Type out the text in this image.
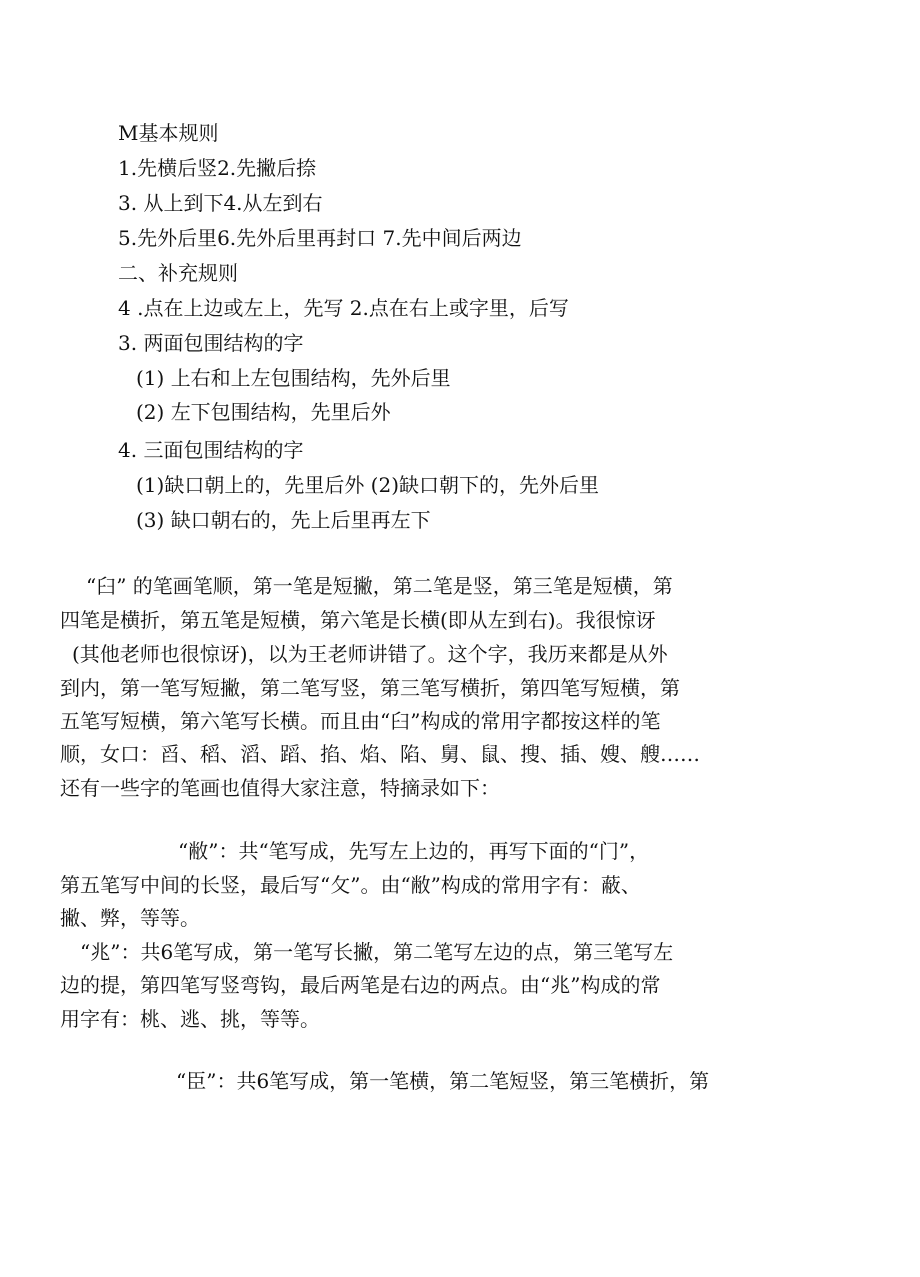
M基本规则
1.先横后竖2.先撇后捺
3. 从上到下4.从左到右
5.先外后里6.先外后里再封口 7.先中间后两边
二、补充规则
4 .点在上边或左上，先写 2.点在右上或字里，后写
3. 两面包围结构的字
(1) 上右和上左包围结构，先外后里
(2) 左下包围结构，先里后外
4. 三面包围结构的字
(1)缺口朝上的，先里后外 (2)缺口朝下的，先外后里
(3) 缺口朝右的，先上后里再左下
“臼” 的笔画笔顺，第一笔是短撇，第二笔是竖，第三笔是短横，第
四笔是横折，第五笔是短横，第六笔是长横(即从左到右)。我很惊讶
(其他老师也很惊讶)，以为王老师讲错了。这个字，我历来都是从外
到内，第一笔写短撇，第二笔写竖，第三笔写横折，第四笔写短横，第
五笔写短横，第六笔写长横。而且由“臼”构成的常用字都按这样的笔
顺，女口：舀、稻、滔、蹈、掐、焰、陷、舅、鼠、搜、插、嫂、艘……
还有一些字的笔画也值得大家注意，特摘录如下：
“敝”：共“笔写成，先写左上边的，再写下面的“门”，
第五笔写中间的长竖，最后写“攵”。由“敝”构成的常用字有：蔽、
撇、弊，等等。
“兆”：共6笔写成，第一笔写长撇，第二笔写左边的点，第三笔写左
边的提，第四笔写竖弯钩，最后两笔是右边的两点。由“兆”构成的常
用字有：桃、逃、挑，等等。
“臣”：共6笔写成，第一笔横，第二笔短竖，第三笔横折，第
